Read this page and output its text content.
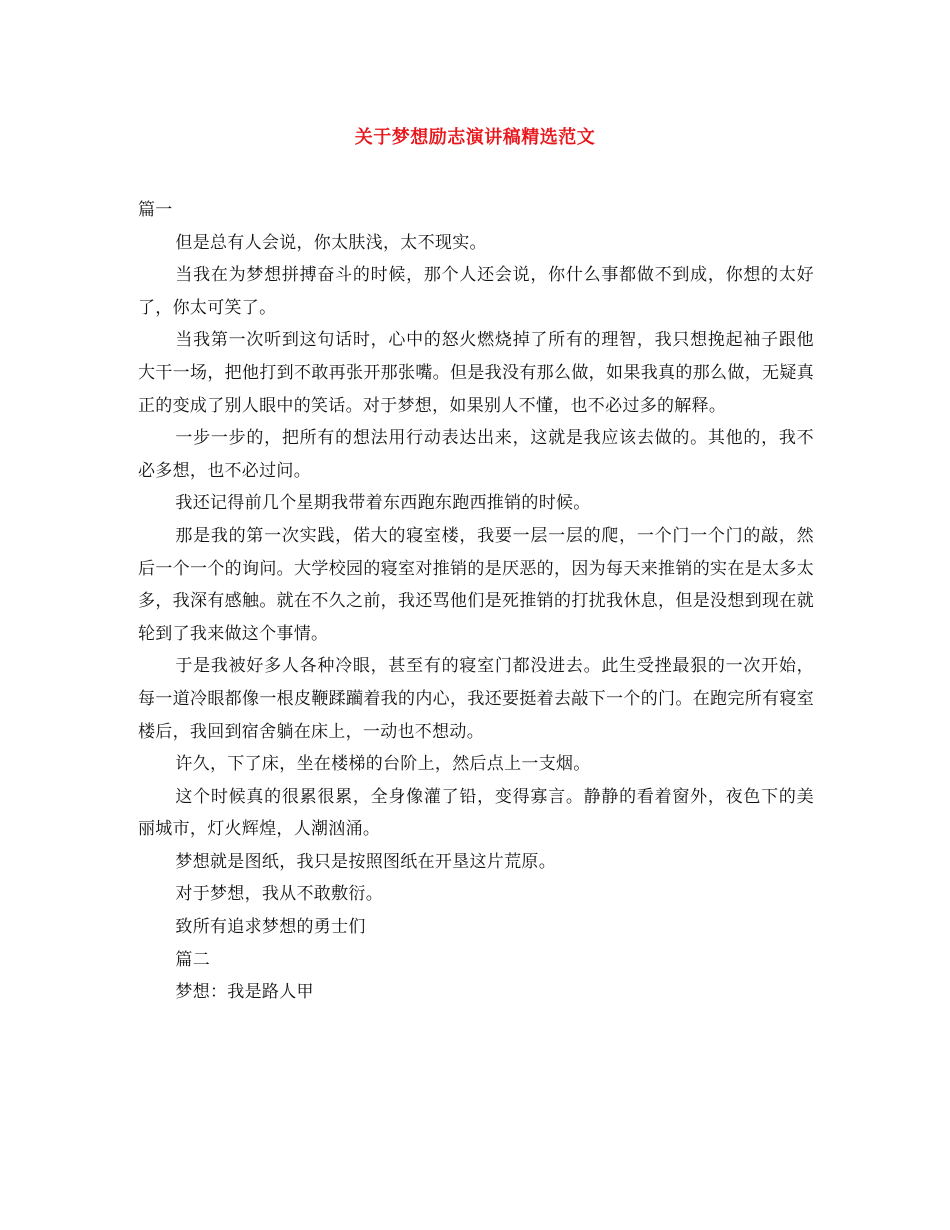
关于梦想励志演讲稿精选范文

篇一

但是总有人会说，你太肤浅，太不现实。

当我在为梦想拼搏奋斗的时候，那个人还会说，你什么事都做不到成，你想的太好了，你太可笑了。

当我第一次听到这句话时，心中的怒火燃烧掉了所有的理智，我只想挽起袖子跟他大干一场，把他打到不敢再张开那张嘴。但是我没有那么做，如果我真的那么做，无疑真正的变成了别人眼中的笑话。对于梦想，如果别人不懂，也不必过多的解释。

一步一步的，把所有的想法用行动表达出来，这就是我应该去做的。其他的，我不必多想，也不必过问。

我还记得前几个星期我带着东西跑东跑西推销的时候。

那是我的第一次实践，偌大的寝室楼，我要一层一层的爬，一个门一个门的敲，然后一个一个的询问。大学校园的寝室对推销的是厌恶的，因为每天来推销的实在是太多太多，我深有感触。就在不久之前，我还骂他们是死推销的打扰我休息，但是没想到现在就轮到了我来做这个事情。

于是我被好多人各种冷眼，甚至有的寝室门都没进去。此生受挫最狠的一次开始，每一道冷眼都像一根皮鞭蹂躏着我的内心，我还要挺着去敲下一个的门。在跑完所有寝室楼后，我回到宿舍躺在床上，一动也不想动。

许久，下了床，坐在楼梯的台阶上，然后点上一支烟。

这个时候真的很累很累，全身像灌了铅，变得寡言。静静的看着窗外，夜色下的美丽城市，灯火辉煌，人潮汹涌。

梦想就是图纸，我只是按照图纸在开垦这片荒原。

对于梦想，我从不敢敷衍。

致所有追求梦想的勇士们

篇二

梦想：我是路人甲
